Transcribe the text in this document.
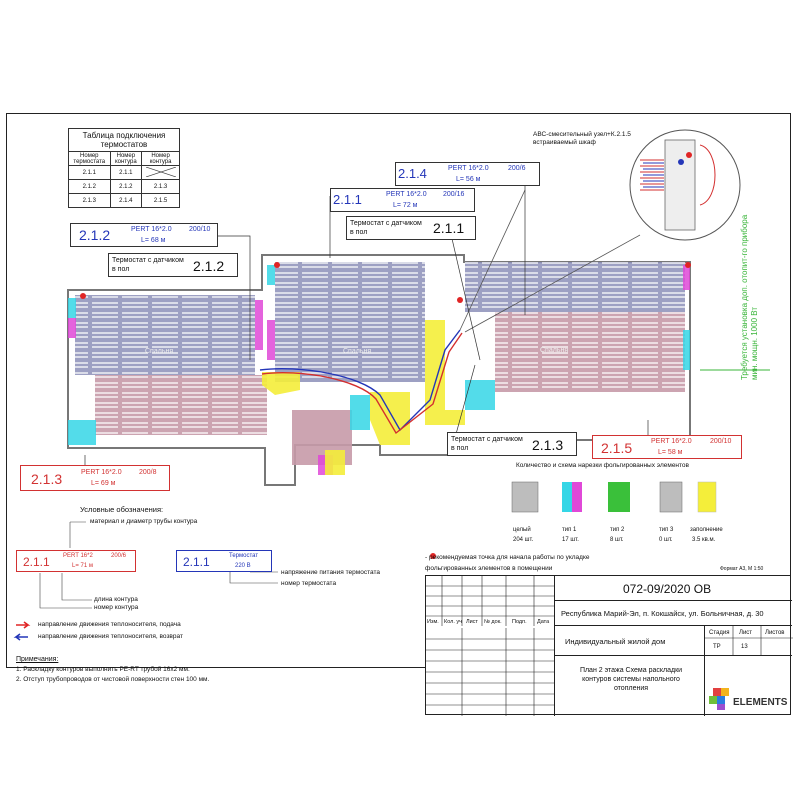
Таблица подключения термостатов
Номер термостата	Номер контура	Номер контура
2.1.1	2.1.1	
2.1.2	2.1.2	2.1.3
2.1.3	2.1.4	2.1.5
АВС-смесительный узел+К.2.1.5 встраиваемый шкаф
2.1.4	PERT 16*2.0	200/6
L= 56 м
2.1.1	PERT 16*2.0 200/16
L= 72 м
2.1.2	PERT 16*2.0 200/10
L= 68 м
2.1.3	PERT 16*2.0 200/8
L= 69 м
2.1.5	PERT 16*2.0	200/10
L= 58 м
Термостат с датчиком в пол	2.1.1
Термостат с датчиком в пол	2.1.2
Термостат с датчиком в пол	2.1.3
Спальня	Спальня	Спальня	Требуется установка доп. отопит-го прибора мин. мощн. 1000 Вт
Количество и схема нарезки фольгированных элементов
целый
204 шт.
тип 1
17 шт.
тип 2
8 шт.
тип 3
0 шт.
заполнение
3.5 кв.м.
- рекомендуемая точка для начала работы по укладке фольгированных элементов в помещении	Формат А3, М 1:50
Условные обозначения:
материал и диаметр трубы контура
2.1.1 PERT 16*2	200/6
L= 71 м
длина контура
номер контура
2.1.1	Термостат
220 В
напряжение питания термостата
номер термостата
направление движения теплоносителя, подача
направление движения теплоносителя, возврат
Примечания:
1. Раскладку контуров выполнить PE-RT трубой 16х2 мм.
2. Отступ трубопроводов от чистовой поверхности стен 100 мм.
072-09/2020 ОВ
Республика Марий-Эл, п. Кокшайск, ул. Больничная, д. 30
Изм. Кол. уч Лист № док. Подп. Дата
Индивидуальный жилой дом
Стадия Лист Листов
ТР	13
План 2 этажа Схема раскладки контуров системы напольного отопления
ELEMENTS
